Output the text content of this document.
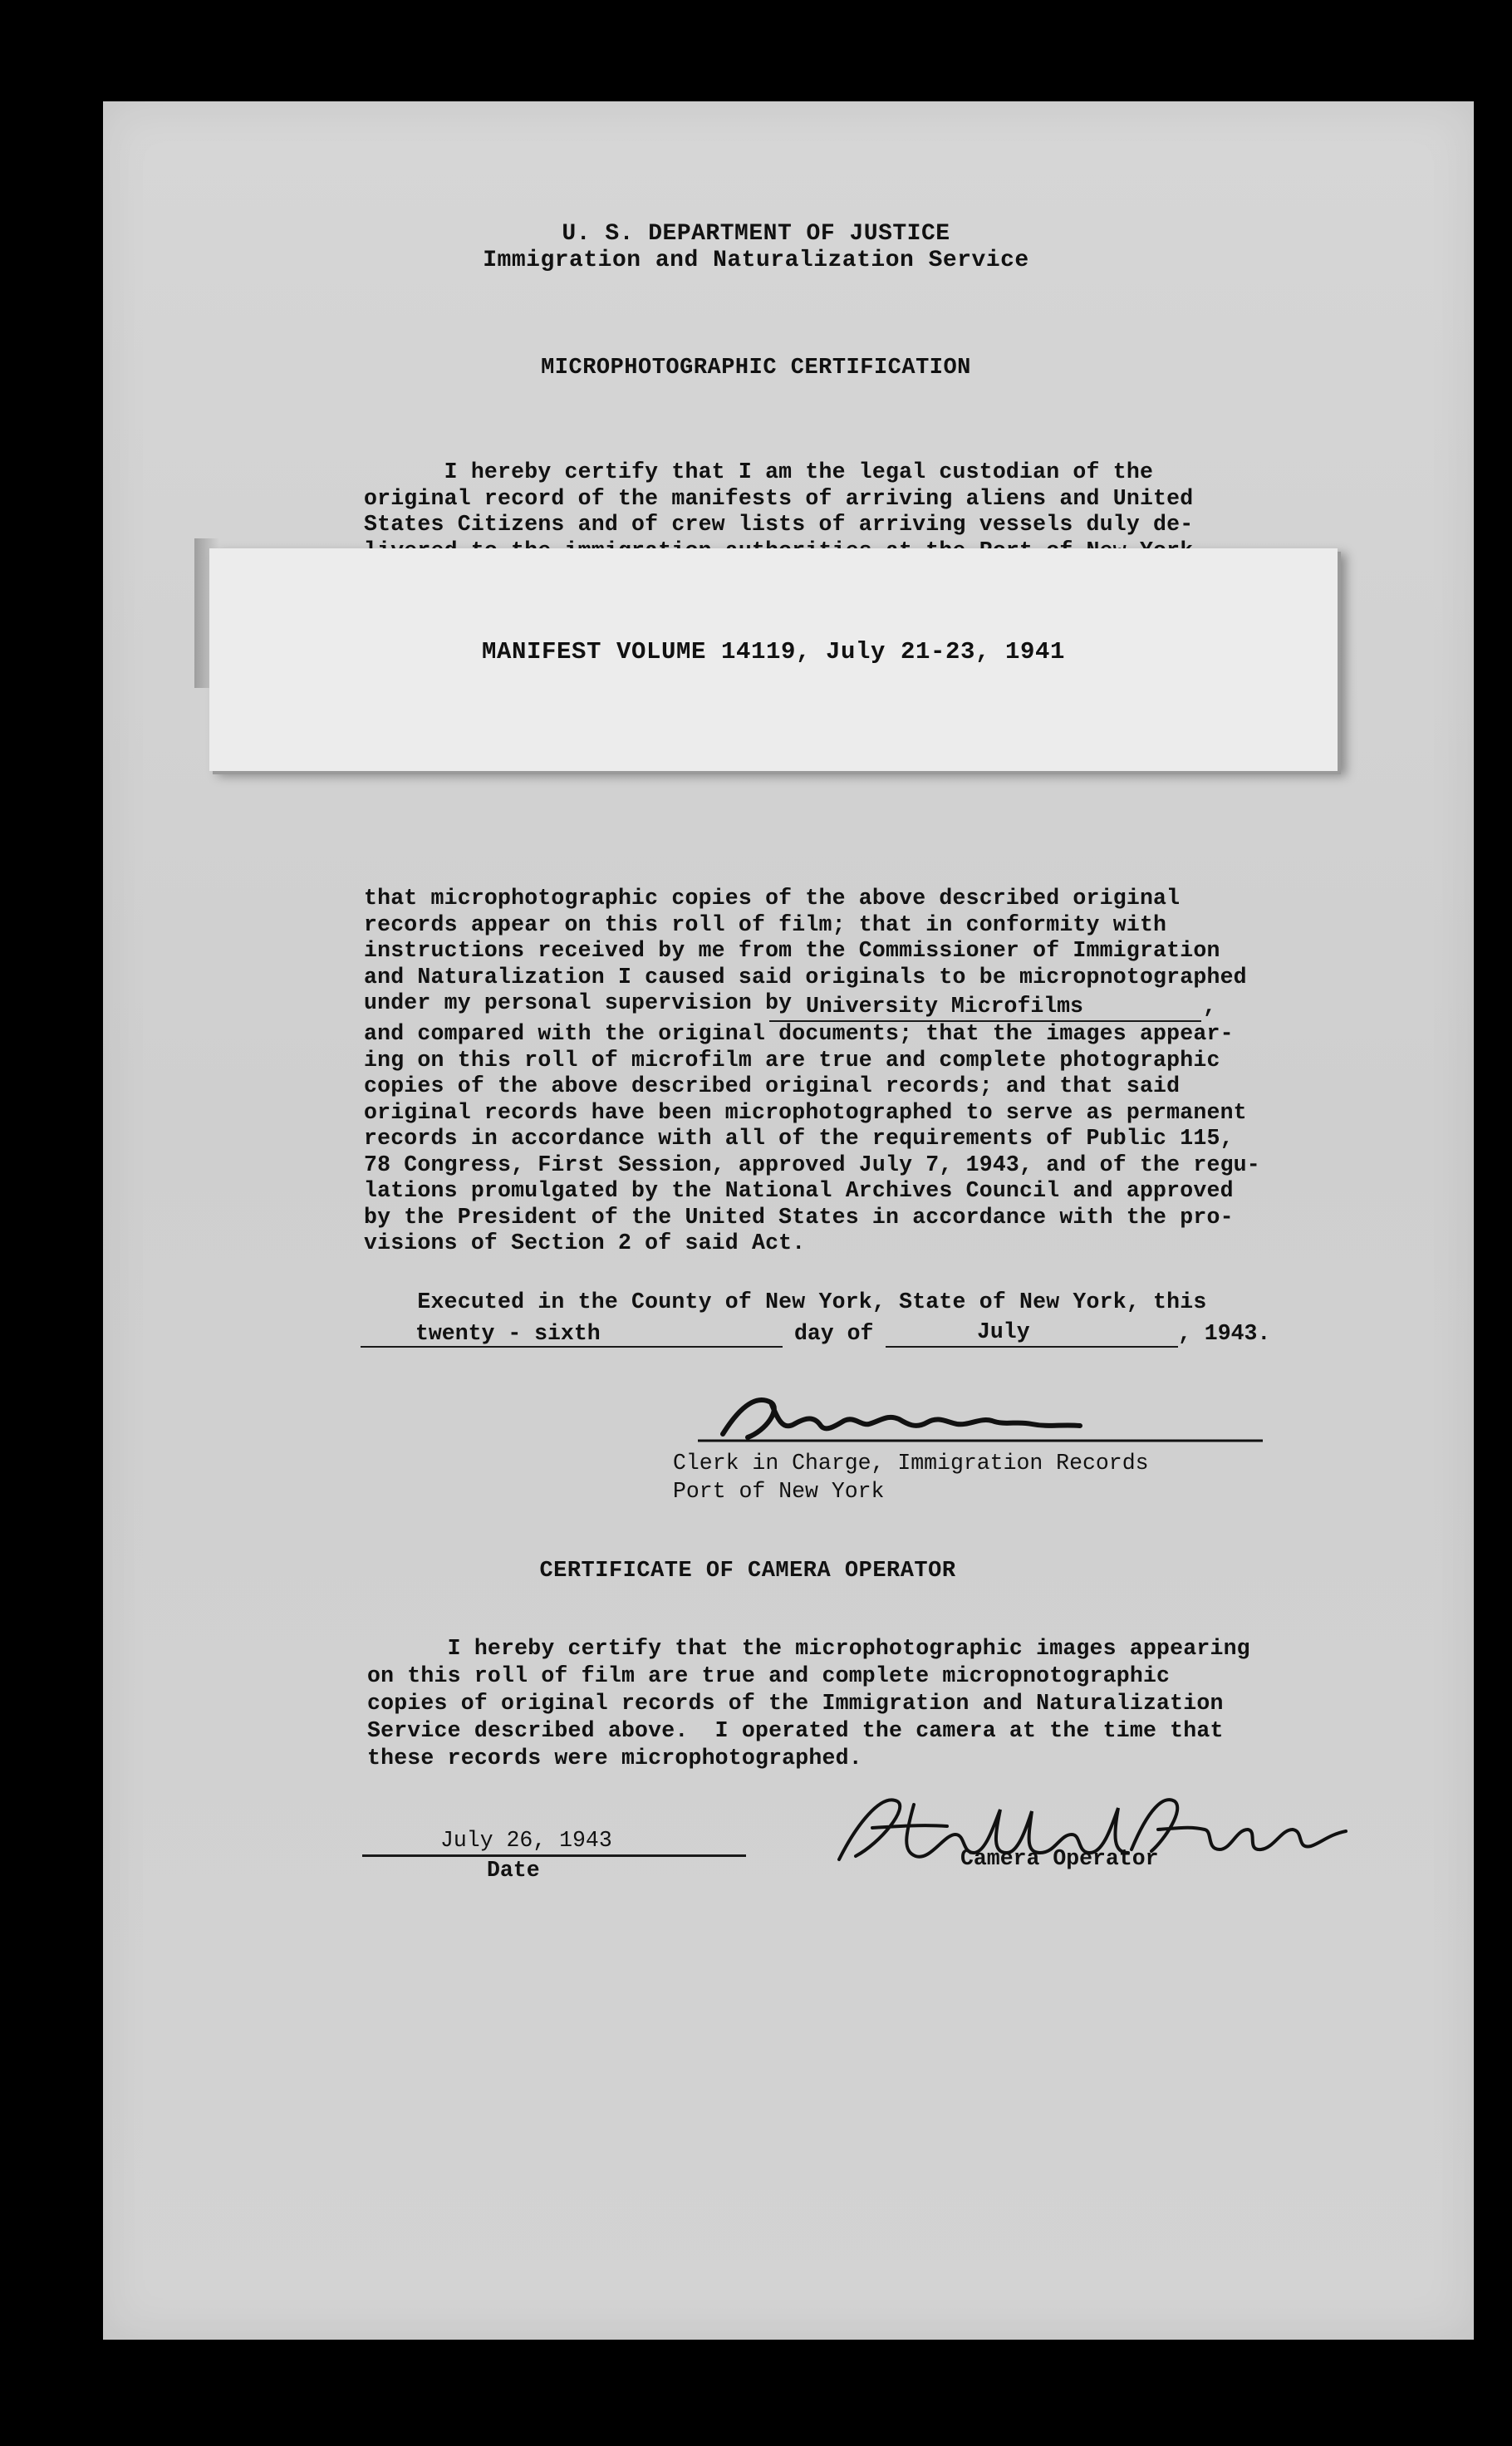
U. S. DEPARTMENT OF JUSTICE
Immigration and Naturalization Service
MICROPHOTOGRAPHIC CERTIFICATION
I hereby certify that I am the legal custodian of the
original record of the manifests of arriving aliens and United
States Citizens and of crew lists of arriving vessels duly de-

MANIFEST VOLUME 14119, July 21-23, 1941
that microphotographic copies of the above described original
records appear on this roll of film; that in conformity with
instructions received by me from the Commissioner of Immigration
and Naturalization I caused said originals to be micropnotographed
under my personal supervision by University Microfilms	,
and compared with the original documents; that the images appear-
ing on this roll of microfilm are true and complete photographic
copies of the above described original records; and that said
original records have been microphotographed to serve as permanent
records in accordance with all of the requirements of Public 115,
78 Congress, First Session, approved July 7, 1943, and of the regu-
lations promulgated by the National Archives Council and approved
by the President of the United States in accordance with the pro-
visions of Section 2 of said Act.
Executed in the County of New York, State of New York, this
twenty - sixth	day of	July	, 1943.
Clerk in Charge, Immigration Records
Port of New York
CERTIFICATE OF CAMERA OPERATOR
I hereby certify that the microphotographic images appearing
on this roll of film are true and complete micropnotographic
copies of original records of the Immigration and Naturalization
Service described above.  I operated the camera at the time that
these records were microphotographed.
July 26, 1943
Date	Camera Operator
